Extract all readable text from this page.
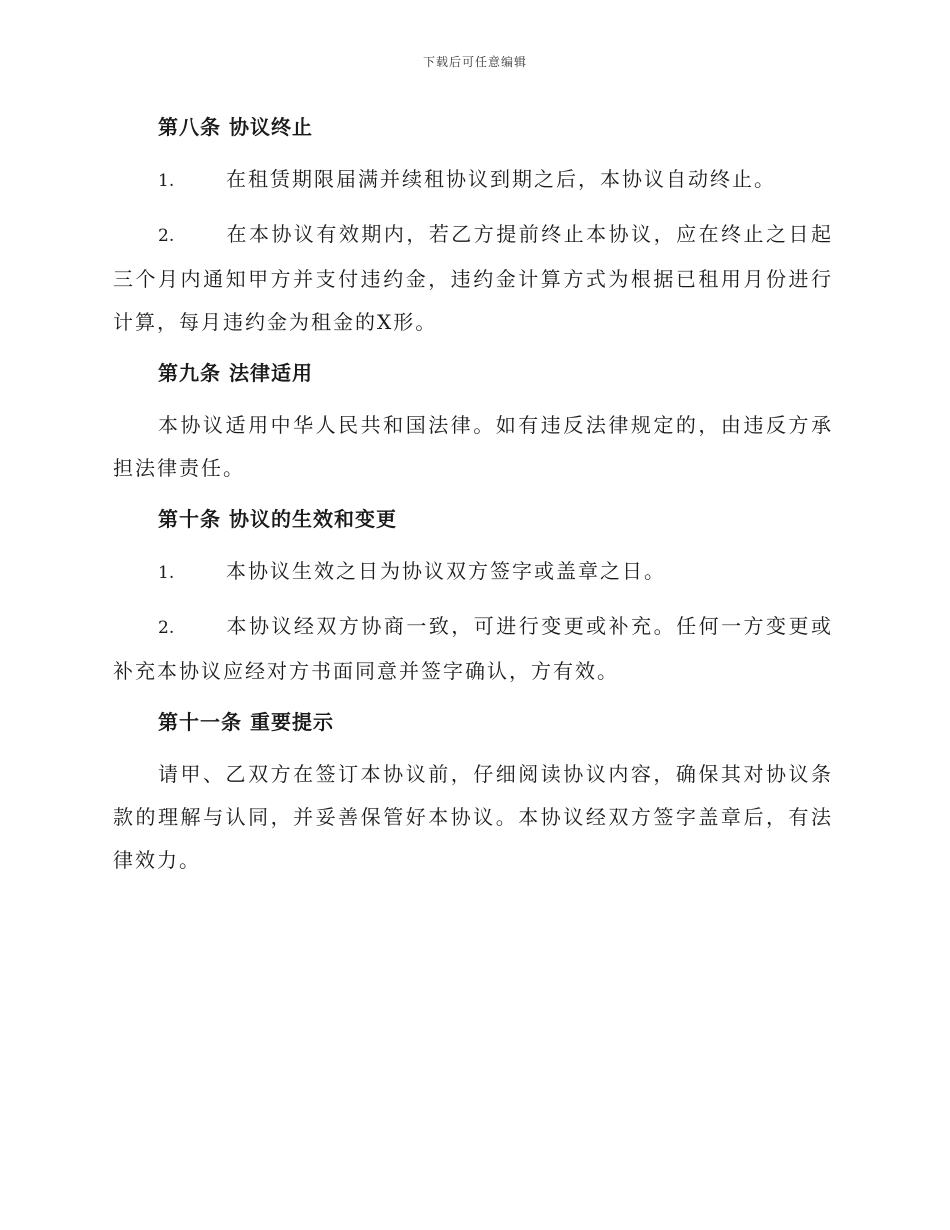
下载后可任意编辑
第八条 协议终止
1.	在租赁期限届满并续租协议到期之后，本协议自动终止。
2.	在本协议有效期内，若乙方提前终止本协议，应在终止之日起三个月内通知甲方并支付违约金，违约金计算方式为根据已租用月份进行计算，每月违约金为租金的X形。
第九条 法律适用
本协议适用中华人民共和国法律。如有违反法律规定的，由违反方承担法律责任。
第十条 协议的生效和变更
1.	本协议生效之日为协议双方签字或盖章之日。
2.	本协议经双方协商一致，可进行变更或补充。任何一方变更或补充本协议应经对方书面同意并签字确认，方有效。
第十一条 重要提示
请甲、乙双方在签订本协议前，仔细阅读协议内容，确保其对协议条款的理解与认同，并妥善保管好本协议。本协议经双方签字盖章后，有法律效力。
